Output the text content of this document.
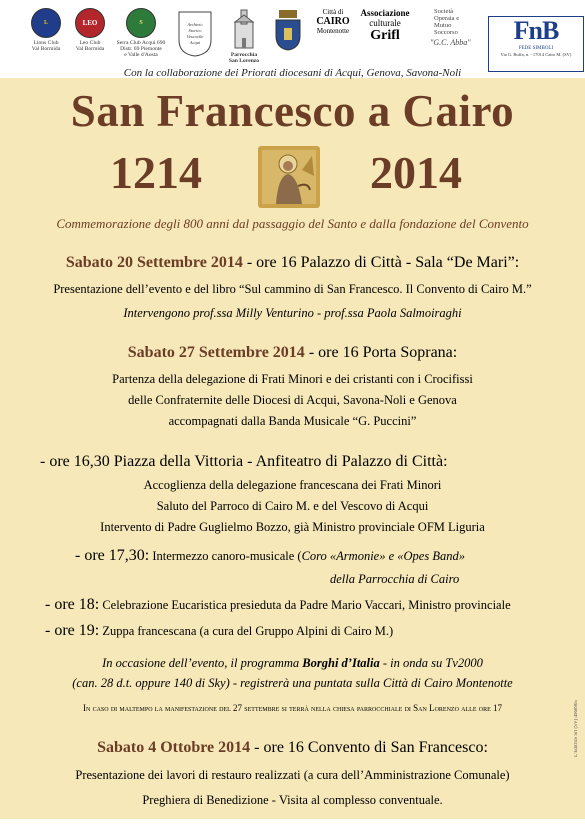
L
Lions Club
Val Bormida
LEO
Leo Club
Val Bormida
S
Serra Club Acqui 690
Distr. 69 Piemonte
e Valle d'Aosta
Archivio
Storico
Vescovile
Acqui
Parrocchia
San Lorenzo
Città di
CAIRO
Montenotte
Associazione
culturale
Grifl
Società
Operaia e
Mutuo
Soccorso
"G.C. Abba"	FnB
FEDE SIMBOLI
Via G. Buffa, n. - 17014 Cairo M. (SV)
Con la collaborazione dei Priorati diocesani di Acqui, Genova, Savona-Noli
San Francesco a Cairo
1214	2014
Commemorazione degli 800 anni dal passaggio del Santo e dalla fondazione del Convento
Sabato 20 Settembre 2014 - ore 16 Palazzo di Città - Sala “De Mari”:
Presentazione dell’evento e del libro “Sul cammino di San Francesco. Il Convento di Cairo M.”
Intervengono prof.ssa Milly Venturino - prof.ssa Paola Salmoiraghi
Sabato 27 Settembre 2014 - ore 16 Porta Soprana:
Partenza della delegazione di Frati Minori e dei cristanti con i Crocifissi
delle Confraternite delle Diocesi di Acqui, Savona-Noli e Genova
accompagnati dalla Banda Musicale “G. Puccini”
- ore 16,30 Piazza della Vittoria - Anfiteatro di Palazzo di Città:
Accoglienza della delegazione francescana dei Frati Minori
Saluto del Parroco di Cairo M. e del Vescovo di Acqui
Intervento di Padre Guglielmo Bozzo, già Ministro provinciale OFM Liguria
- ore 17,30: Intermezzo canoro-musicale (Coro «Armonie» e «Opes Band»
della Parrocchia di Cairo
- ore 18: Celebrazione Eucaristica presieduta da Padre Mario Vaccari, Ministro provinciale
- ore 19: Zuppa francescana (a cura del Gruppo Alpini di Cairo M.)
In occasione dell’evento, il programma Borghi d’Italia - in onda su Tv2000
(can. 28 d.t. oppure 140 di Sky) - registrerà una puntata sulla Città di Cairo Montenotte
In caso di maltempo la manifestazione del 27 settembre si terrà nella chiesa parrocchiale di San Lorenzo alle ore 17
Sabato 4 Ottobre 2014 - ore 16 Convento di San Francesco:
Presentazione dei lavori di restauro realizzati (a cura dell’Amministrazione Comunale)
Preghiera di Benedizione - Visita al complesso conventuale.
L’Editrice Srl (SV) 4968965
